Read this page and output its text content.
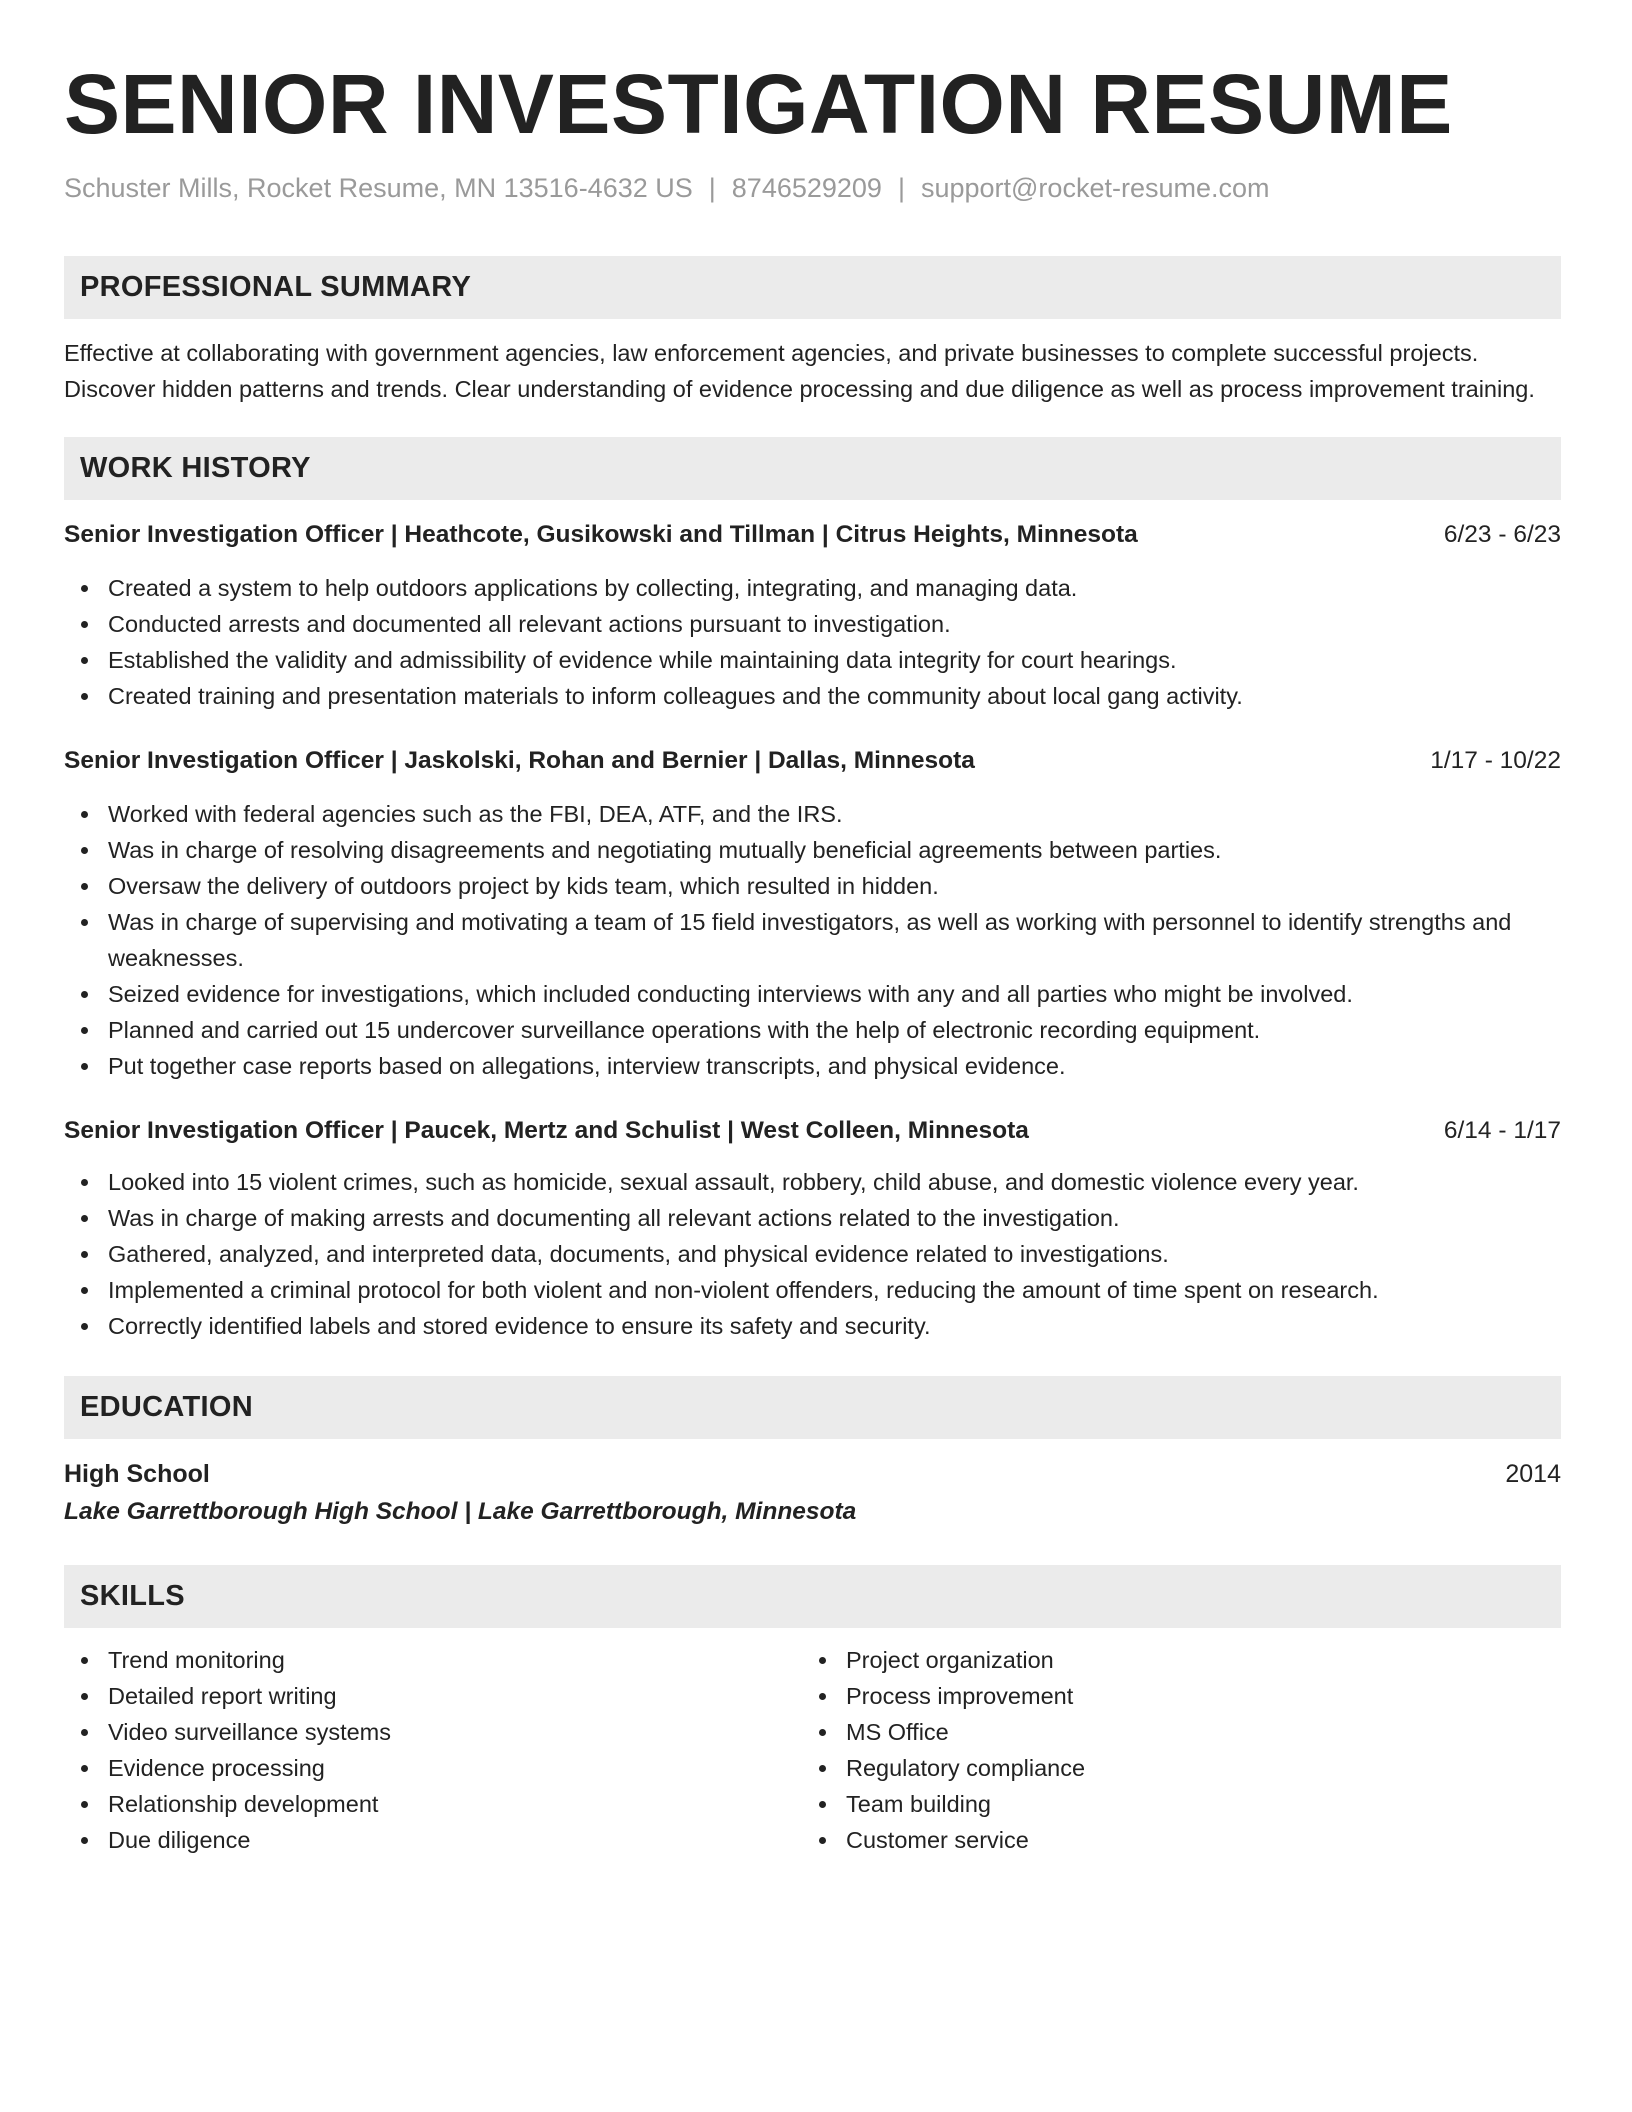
SENIOR INVESTIGATION RESUME
Schuster Mills, Rocket Resume, MN 13516-4632 US | 8746529209 | support@rocket-resume.com
PROFESSIONAL SUMMARY
Effective at collaborating with government agencies, law enforcement agencies, and private businesses to complete successful projects. Discover hidden patterns and trends. Clear understanding of evidence processing and due diligence as well as process improvement training.
WORK HISTORY
Senior Investigation Officer | Heathcote, Gusikowski and Tillman | Citrus Heights, Minnesota	6/23 - 6/23
Created a system to help outdoors applications by collecting, integrating, and managing data.
Conducted arrests and documented all relevant actions pursuant to investigation.
Established the validity and admissibility of evidence while maintaining data integrity for court hearings.
Created training and presentation materials to inform colleagues and the community about local gang activity.
Senior Investigation Officer | Jaskolski, Rohan and Bernier | Dallas, Minnesota	1/17 - 10/22
Worked with federal agencies such as the FBI, DEA, ATF, and the IRS.
Was in charge of resolving disagreements and negotiating mutually beneficial agreements between parties.
Oversaw the delivery of outdoors project by kids team, which resulted in hidden.
Was in charge of supervising and motivating a team of 15 field investigators, as well as working with personnel to identify strengths and weaknesses.
Seized evidence for investigations, which included conducting interviews with any and all parties who might be involved.
Planned and carried out 15 undercover surveillance operations with the help of electronic recording equipment.
Put together case reports based on allegations, interview transcripts, and physical evidence.
Senior Investigation Officer | Paucek, Mertz and Schulist | West Colleen, Minnesota	6/14 - 1/17
Looked into 15 violent crimes, such as homicide, sexual assault, robbery, child abuse, and domestic violence every year.
Was in charge of making arrests and documenting all relevant actions related to the investigation.
Gathered, analyzed, and interpreted data, documents, and physical evidence related to investigations.
Implemented a criminal protocol for both violent and non-violent offenders, reducing the amount of time spent on research.
Correctly identified labels and stored evidence to ensure its safety and security.
EDUCATION
High School	2014
Lake Garrettborough High School | Lake Garrettborough, Minnesota
SKILLS
Trend monitoring
Detailed report writing
Video surveillance systems
Evidence processing
Relationship development
Due diligence
Project organization
Process improvement
MS Office
Regulatory compliance
Team building
Customer service
